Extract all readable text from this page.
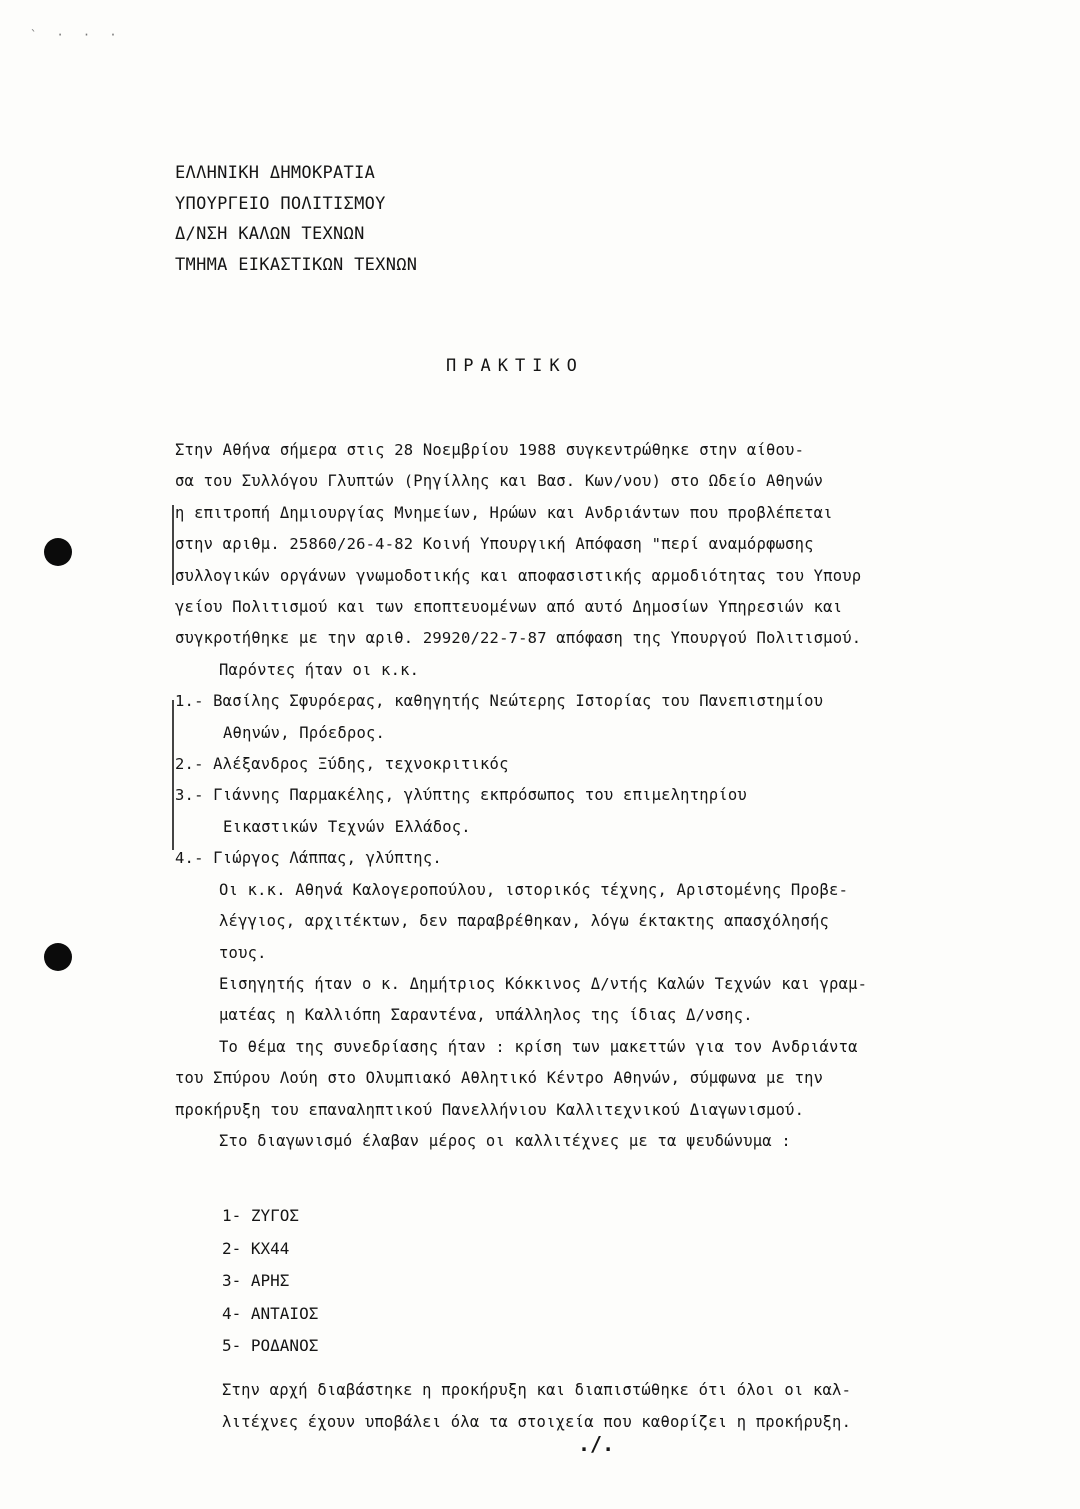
` · · ·
ΕΛΛΗΝΙΚΗ ΔΗΜΟΚΡΑΤΙΑ
ΥΠΟΥΡΓΕΙΟ ΠΟΛΙΤΙΣΜΟΥ
Δ/ΝΣΗ ΚΑΛΩΝ ΤΕΧΝΩΝ
ΤΜΗΜΑ ΕΙΚΑΣΤΙΚΩΝ ΤΕΧΝΩΝ
ΠΡΑΚΤΙΚΟ
Στην Αθήνα σήμερα στις 28 Νοεμβρίου 1988 συγκεντρώθηκε στην αίθου-
σα του Συλλόγου Γλυπτών (Ρηγίλλης και Βασ. Κων/νου) στο Ωδείο Αθηνών
η επιτροπή Δημιουργίας Μνημείων, Ηρώων και Ανδριάντων που προβλέπεται
στην αριθμ. 25860/26-4-82 Κοινή Υπουργική Απόφαση "περί αναμόρφωσης
συλλογικών οργάνων γνωμοδοτικής και αποφασιστικής αρμοδιότητας του Υπουρ
γείου Πολιτισμού και των εποπτευομένων από αυτό Δημοσίων Υπηρεσιών και
συγκροτήθηκε με την αριθ. 29920/22-7-87 απόφαση της Υπουργού Πολιτισμού.
Παρόντες ήταν οι κ.κ.
1.- Βασίλης Σφυρόερας, καθηγητής Νεώτερης Ιστορίας του Πανεπιστημίου
Αθηνών, Πρόεδρος.
2.- Αλέξανδρος Ξύδης, τεχνοκριτικός
3.- Γιάννης Παρμακέλης, γλύπτης εκπρόσωπος του επιμελητηρίου
Εικαστικών Τεχνών Ελλάδος.
4.- Γιώργος Λάππας, γλύπτης.
Οι κ.κ. Αθηνά Καλογεροπούλου, ιστορικός τέχνης, Αριστομένης Προβε-
λέγγιος, αρχιτέκτων, δεν παραβρέθηκαν, λόγω έκτακτης απασχόλησής
τους.
Εισηγητής ήταν ο κ. Δημήτριος Κόκκινος Δ/ντής Καλών Τεχνών και γραμ-
ματέας η Καλλιόπη Σαραντένα, υπάλληλος της ίδιας Δ/νσης.
Το θέμα της συνεδρίασης ήταν : κρίση των μακεττών για τον Ανδριάντα
του Σπύρου Λούη στο Ολυμπιακό Αθλητικό Κέντρο Αθηνών, σύμφωνα με την
προκήρυξη του επαναληπτικού Πανελλήνιου Καλλιτεχνικού Διαγωνισμού.
Στο διαγωνισμό έλαβαν μέρος οι καλλιτέχνες με τα ψευδώνυμα :
1- ΖΥΓΟΣ
2- ΚΧ44
3- ΑΡΗΣ
4- ΑΝΤΑΙΟΣ
5- ΡΟΔΑΝΟΣ
Στην αρχή διαβάστηκε η προκήρυξη και διαπιστώθηκε ότι όλοι οι καλ-
λιτέχνες έχουν υποβάλει όλα τα στοιχεία που καθορίζει η προκήρυξη.
./.
